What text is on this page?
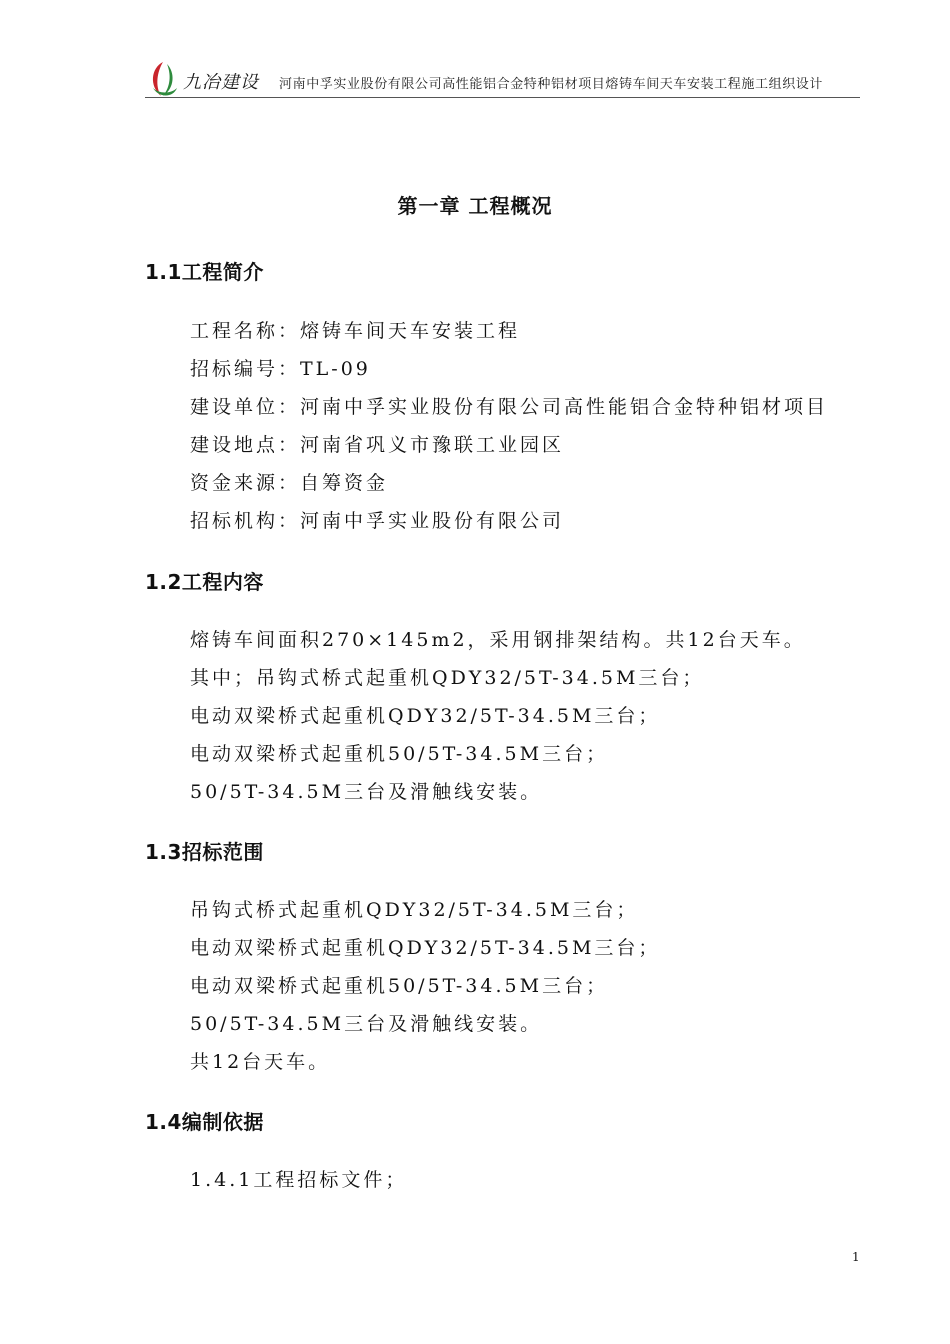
九冶建设 河南中孚实业股份有限公司高性能铝合金特种铝材项目熔铸车间天车安装工程施工组织设计
第一章 工程概况
1.1工程简介
工程名称：熔铸车间天车安装工程
招标编号：TL-09
建设单位：河南中孚实业股份有限公司高性能铝合金特种铝材项目
建设地点：河南省巩义市豫联工业园区
资金来源：自筹资金
招标机构：河南中孚实业股份有限公司
1.2工程内容
熔铸车间面积270×145m2，采用钢排架结构。共12台天车。
其中；吊钩式桥式起重机QDY32/5T-34.5M三台；
电动双梁桥式起重机QDY32/5T-34.5M三台；
电动双梁桥式起重机50/5T-34.5M三台；
50/5T-34.5M三台及滑触线安装。
1.3招标范围
吊钩式桥式起重机QDY32/5T-34.5M三台；
电动双梁桥式起重机QDY32/5T-34.5M三台；
电动双梁桥式起重机50/5T-34.5M三台；
50/5T-34.5M三台及滑触线安装。
共12台天车。
1.4编制依据
1.4.1工程招标文件；
1
